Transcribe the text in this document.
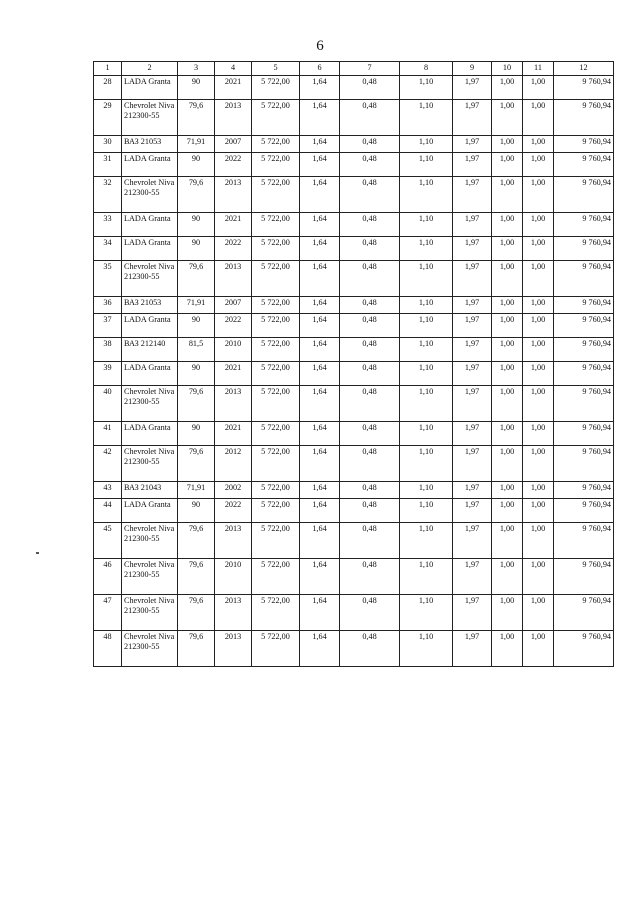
6
1	2	3	4	5	6	7	8	9	10	11	12
28	LADA Granta	90	2021	5 722,00	1,64	0,48	1,10	1,97	1,00	1,00	9 760,94
29	Chevrolet Niva 212300-55	79,6	2013	5 722,00	1,64	0,48	1,10	1,97	1,00	1,00	9 760,94
30	ВАЗ 21053	71,91	2007	5 722,00	1,64	0,48	1,10	1,97	1,00	1,00	9 760,94
31	LADA Granta	90	2022	5 722,00	1,64	0,48	1,10	1,97	1,00	1,00	9 760,94
32	Chevrolet Niva 212300-55	79,6	2013	5 722,00	1,64	0,48	1,10	1,97	1,00	1,00	9 760,94
33	LADA Granta	90	2021	5 722,00	1,64	0,48	1,10	1,97	1,00	1,00	9 760,94
34	LADA Granta	90	2022	5 722,00	1,64	0,48	1,10	1,97	1,00	1,00	9 760,94
35	Chevrolet Niva 212300-55	79,6	2013	5 722,00	1,64	0,48	1,10	1,97	1,00	1,00	9 760,94
36	ВАЗ 21053	71,91	2007	5 722,00	1,64	0,48	1,10	1,97	1,00	1,00	9 760,94
37	LADA Granta	90	2022	5 722,00	1,64	0,48	1,10	1,97	1,00	1,00	9 760,94
38	ВАЗ 212140	81,5	2010	5 722,00	1,64	0,48	1,10	1,97	1,00	1,00	9 760,94
39	LADA Granta	90	2021	5 722,00	1,64	0,48	1,10	1,97	1,00	1,00	9 760,94
40	Chevrolet Niva 212300-55	79,6	2013	5 722,00	1,64	0,48	1,10	1,97	1,00	1,00	9 760,94
41	LADA Granta	90	2021	5 722,00	1,64	0,48	1,10	1,97	1,00	1,00	9 760,94
42	Chevrolet Niva 212300-55	79,6	2012	5 722,00	1,64	0,48	1,10	1,97	1,00	1,00	9 760,94
43	ВАЗ 21043	71,91	2002	5 722,00	1,64	0,48	1,10	1,97	1,00	1,00	9 760,94
44	LADA Granta	90	2022	5 722,00	1,64	0,48	1,10	1,97	1,00	1,00	9 760,94
45	Chevrolet Niva 212300-55	79,6	2013	5 722,00	1,64	0,48	1,10	1,97	1,00	1,00	9 760,94
46	Chevrolet Niva 212300-55	79,6	2010	5 722,00	1,64	0,48	1,10	1,97	1,00	1,00	9 760,94
47	Chevrolet Niva 212300-55	79,6	2013	5 722,00	1,64	0,48	1,10	1,97	1,00	1,00	9 760,94
48	Chevrolet Niva 212300-55	79,6	2013	5 722,00	1,64	0,48	1,10	1,97	1,00	1,00	9 760,94
